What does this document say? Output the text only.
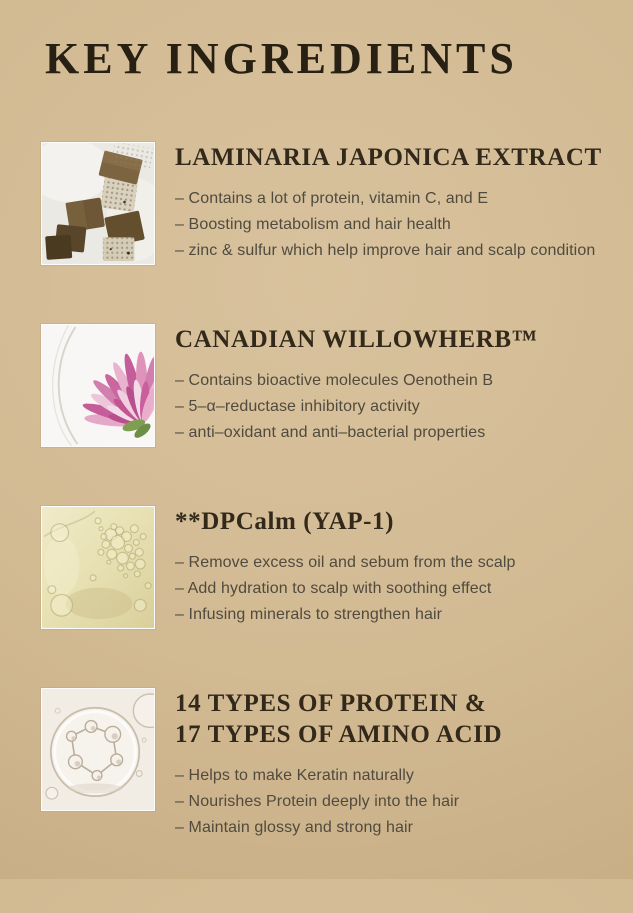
KEY INGREDIENTS
LAMINARIA JAPONICA EXTRACT
– Contains a lot of protein, vitamin C, and E
– Boosting metabolism and hair health
– zinc & sulfur which help improve hair and scalp condition
CANADIAN WILLOWHERB™
– Contains bioactive molecules Oenothein B
– 5–α–reductase inhibitory activity
– anti–oxidant and anti–bacterial properties
**DPCalm (YAP-1)
– Remove excess oil and sebum from the scalp
– Add hydration to scalp with soothing effect
– Infusing minerals to strengthen hair
14 TYPES OF PROTEIN &
17 TYPES OF AMINO ACID
– Helps to make Keratin naturally
– Nourishes Protein deeply into the hair
– Maintain glossy and strong hair
